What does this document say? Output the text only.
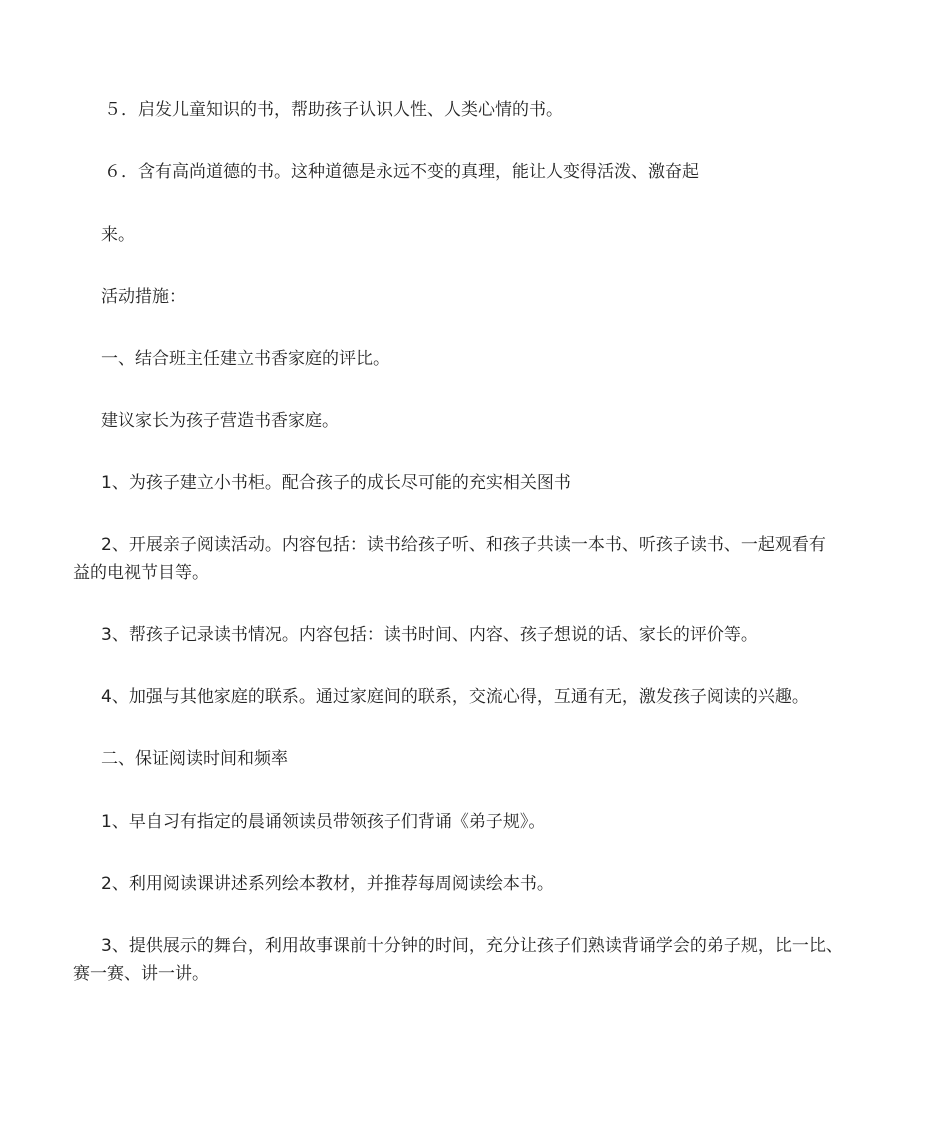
５．启发儿童知识的书，帮助孩子认识人性、人类心情的书。
６．含有高尚道德的书。这种道德是永远不变的真理，能让人变得活泼、激奋起
来。
活动措施：
一、结合班主任建立书香家庭的评比。
建议家长为孩子营造书香家庭。
1、为孩子建立小书柜。配合孩子的成长尽可能的充实相关图书
2、开展亲子阅读活动。内容包括：读书给孩子听、和孩子共读一本书、听孩子读书、一起观看有
益的电视节目等。
3、帮孩子记录读书情况。内容包括：读书时间、内容、孩子想说的话、家长的评价等。
4、加强与其他家庭的联系。通过家庭间的联系，交流心得，互通有无，激发孩子阅读的兴趣。
二、保证阅读时间和频率
1、早自习有指定的晨诵领读员带领孩子们背诵《弟子规》。
2、利用阅读课讲述系列绘本教材，并推荐每周阅读绘本书。
3、提供展示的舞台，利用故事课前十分钟的时间，充分让孩子们熟读背诵学会的弟子规，比一比、
赛一赛、讲一讲。
